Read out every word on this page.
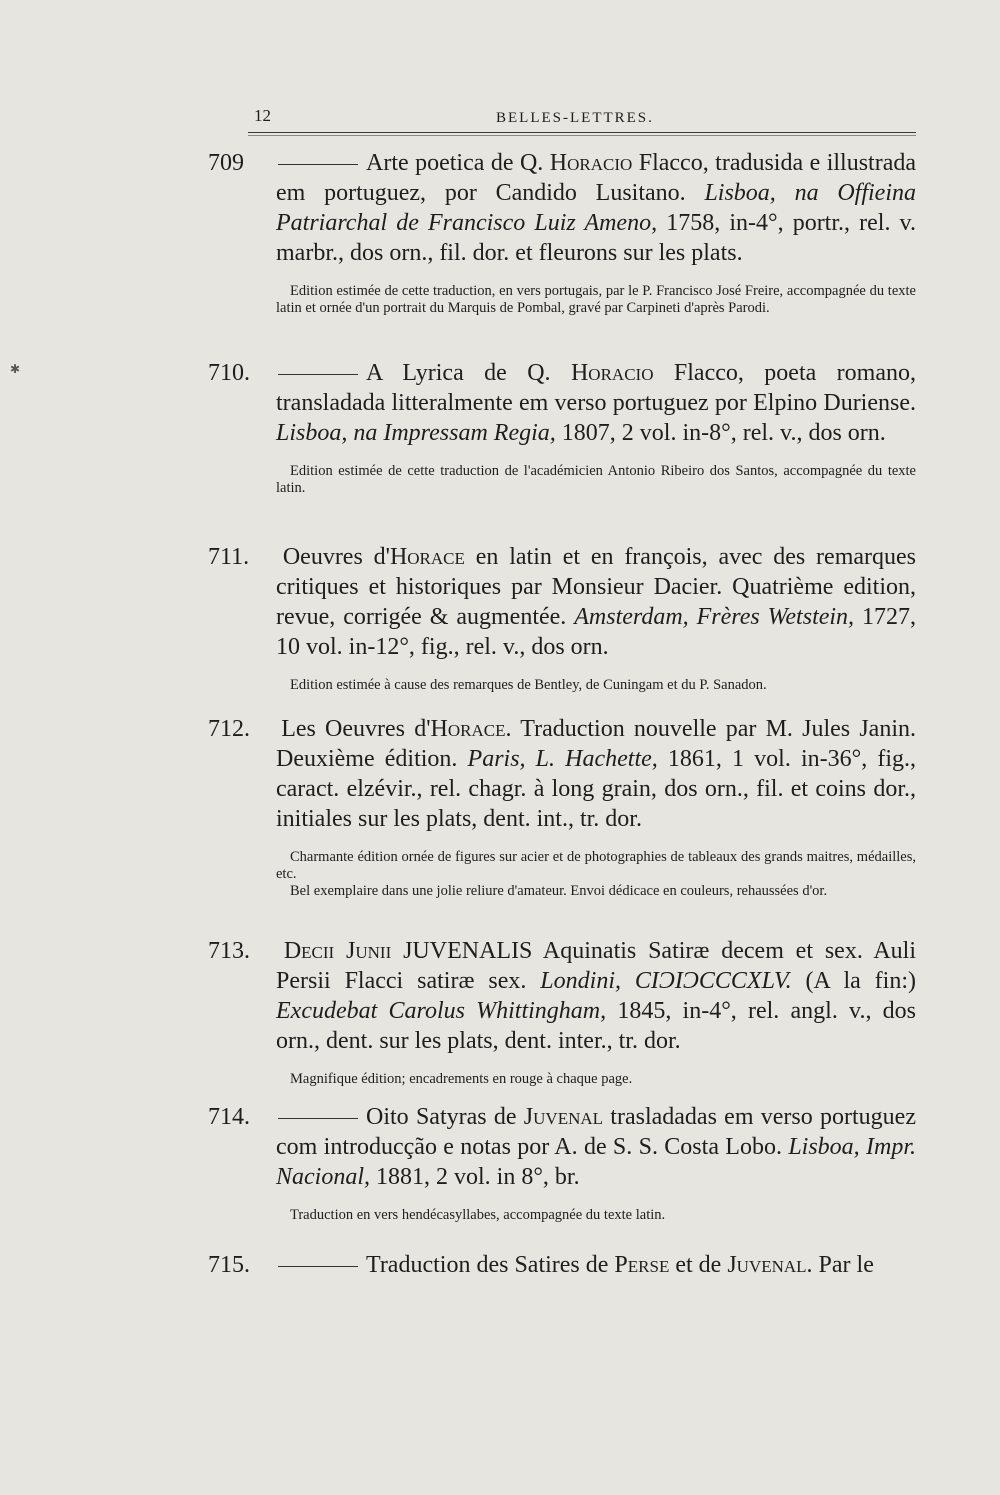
12	BELLES-LETTRES.
✱

709	Arte poetica de Q. Horacio Flacco, tradusida e illustrada em portuguez, por Candido Lusitano. Lisboa, na Offieina Patriarchal de Francisco Luiz Ameno, 1758, in-4°, portr., rel. v. marbr., dos orn., fil. dor. et fleurons sur les plats.

Edition estimée de cette traduction, en vers portugais, par le P. Francisco José Freire, accompagnée du texte latin et ornée d'un portrait du Marquis de Pombal, gravé par Carpineti d'après Parodi.

710.	A Lyrica de Q. Horacio Flacco, poeta romano, transladada litteralmente em verso portuguez por Elpino Duriense. Lisboa, na Impressam Regia, 1807, 2 vol. in-8°, rel. v., dos orn.

Edition estimée de cette traduction de l'académicien Antonio Ribeiro dos Santos, accompagnée du texte latin.

711. Oeuvres d'Horace en latin et en françois, avec des remarques critiques et historiques par Monsieur Dacier. Quatrième edition, revue, corrigée & augmentée. Amsterdam, Frères Wetstein, 1727, 10 vol. in-12°, fig., rel. v., dos orn.

Edition estimée à cause des remarques de Bentley, de Cuningam et du P. Sanadon.

712. Les Oeuvres d'Horace. Traduction nouvelle par M. Jules Janin. Deuxième édition. Paris, L. Hachette, 1861, 1 vol. in-36°, fig., caract. elzévir., rel. chagr. à long grain, dos orn., fil. et coins dor., initiales sur les plats, dent. int., tr. dor.

Charmante édition ornée de figures sur acier et de photographies de tableaux des grands maitres, médailles, etc.

Bel exemplaire dans une jolie reliure d'amateur. Envoi dédicace en couleurs, rehaussées d'or.

713. Decii Junii JUVENALIS Aquinatis Satiræ decem et sex. Auli Persii Flacci satiræ sex. Londini, CIƆIƆCCCXLV. (A la fin:) Excudebat Carolus Whittingham, 1845, in-4°, rel. angl. v., dos orn., dent. sur les plats, dent. inter., tr. dor.

Magnifique édition; encadrements en rouge à chaque page.

714.	Oito Satyras de Juvenal trasladadas em verso portuguez com introducção e notas por A. de S. S. Costa Lobo. Lisboa, Impr. Nacional, 1881, 2 vol. in 8°, br.

Traduction en vers hendécasyllabes, accompagnée du texte latin.

715.	Traduction des Satires de Perse et de Juvenal. Par le
